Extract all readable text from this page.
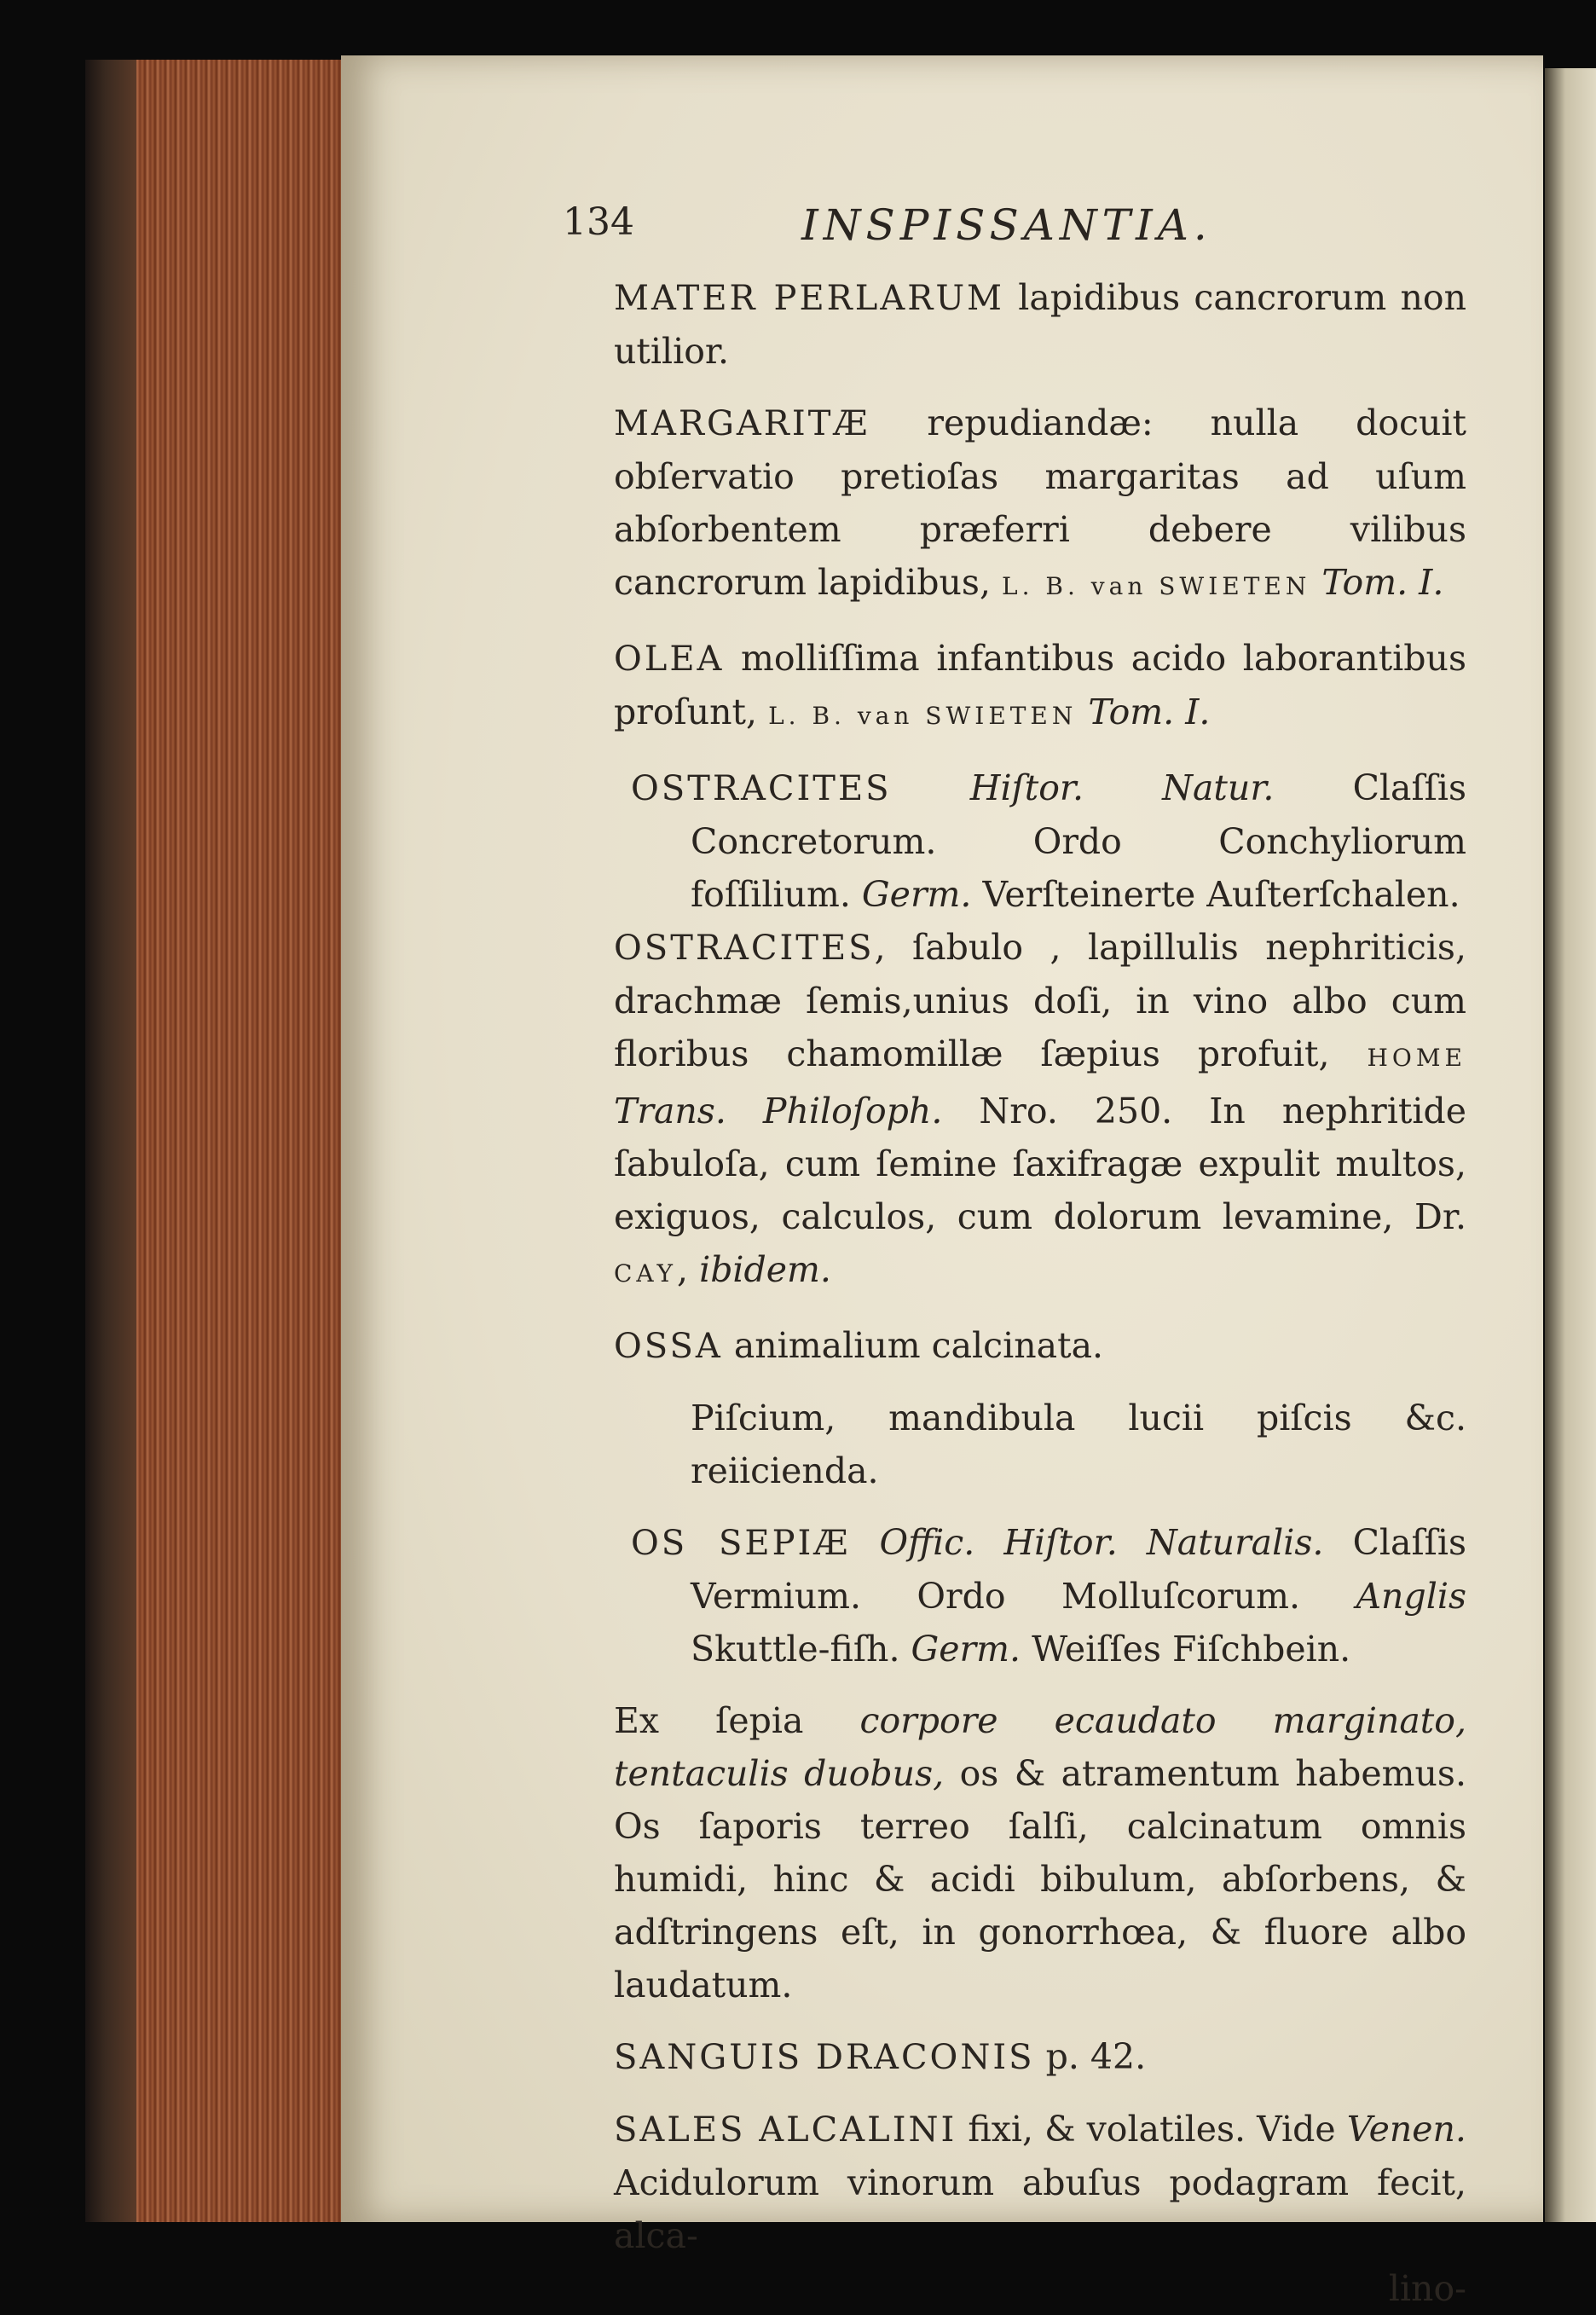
134	INSPISSANTIA.

MATER PERLARUM lapidibus cancrorum non utilior.

MARGARITÆ repudiandæ: nulla docuit obſervatio pretioſas margaritas ad uſum abſorbentem præferri debere vilibus cancrorum lapidibus, L. B. van SWIETEN Tom. I.

OLEA molliſſima infantibus acido laborantibus proſunt, L. B. van SWIETEN Tom. I.

OSTRACITES Hiſtor. Natur. Claſſis Concretorum. Ordo Conchyliorum foſſilium. Germ. Verſteinerte Auſterſchalen.

OSTRACITES, ſabulo , lapillulis nephriticis, drachmæ ſemis,unius doſi, in vino albo cum floribus chamomillæ ſæpius profuit, HOME Trans. Philoſoph. Nro. 250. In nephritide ſabuloſa, cum ſemine ſaxifragæ expulit multos, exiguos, calculos, cum dolorum levamine, Dr. CAY, ibidem.

OSSA animalium calcinata.

Piſcium, mandibula lucii piſcis &c. reiicienda.

OS SEPIÆ Offic. Hiſtor. Naturalis. Claſſis Vermium. Ordo Molluſcorum. Anglis Skuttle-fiſh. Germ. Weiſſes Fiſchbein.

Ex ſepia corpore ecaudato marginato, tentaculis duobus, os & atramentum habemus. Os ſaporis terreo ſalſi, calcinatum omnis humidi, hinc & acidi bibulum, abſorbens, & adſtringens eſt, in gonorrhœa, & fluore albo laudatum.

SANGUIS DRACONIS p. 42.

SALES ALCALINI fixi, & volatiles. Vide Venen. Acidulorum vinorum abuſus podagram fecit, alca-

lino-
